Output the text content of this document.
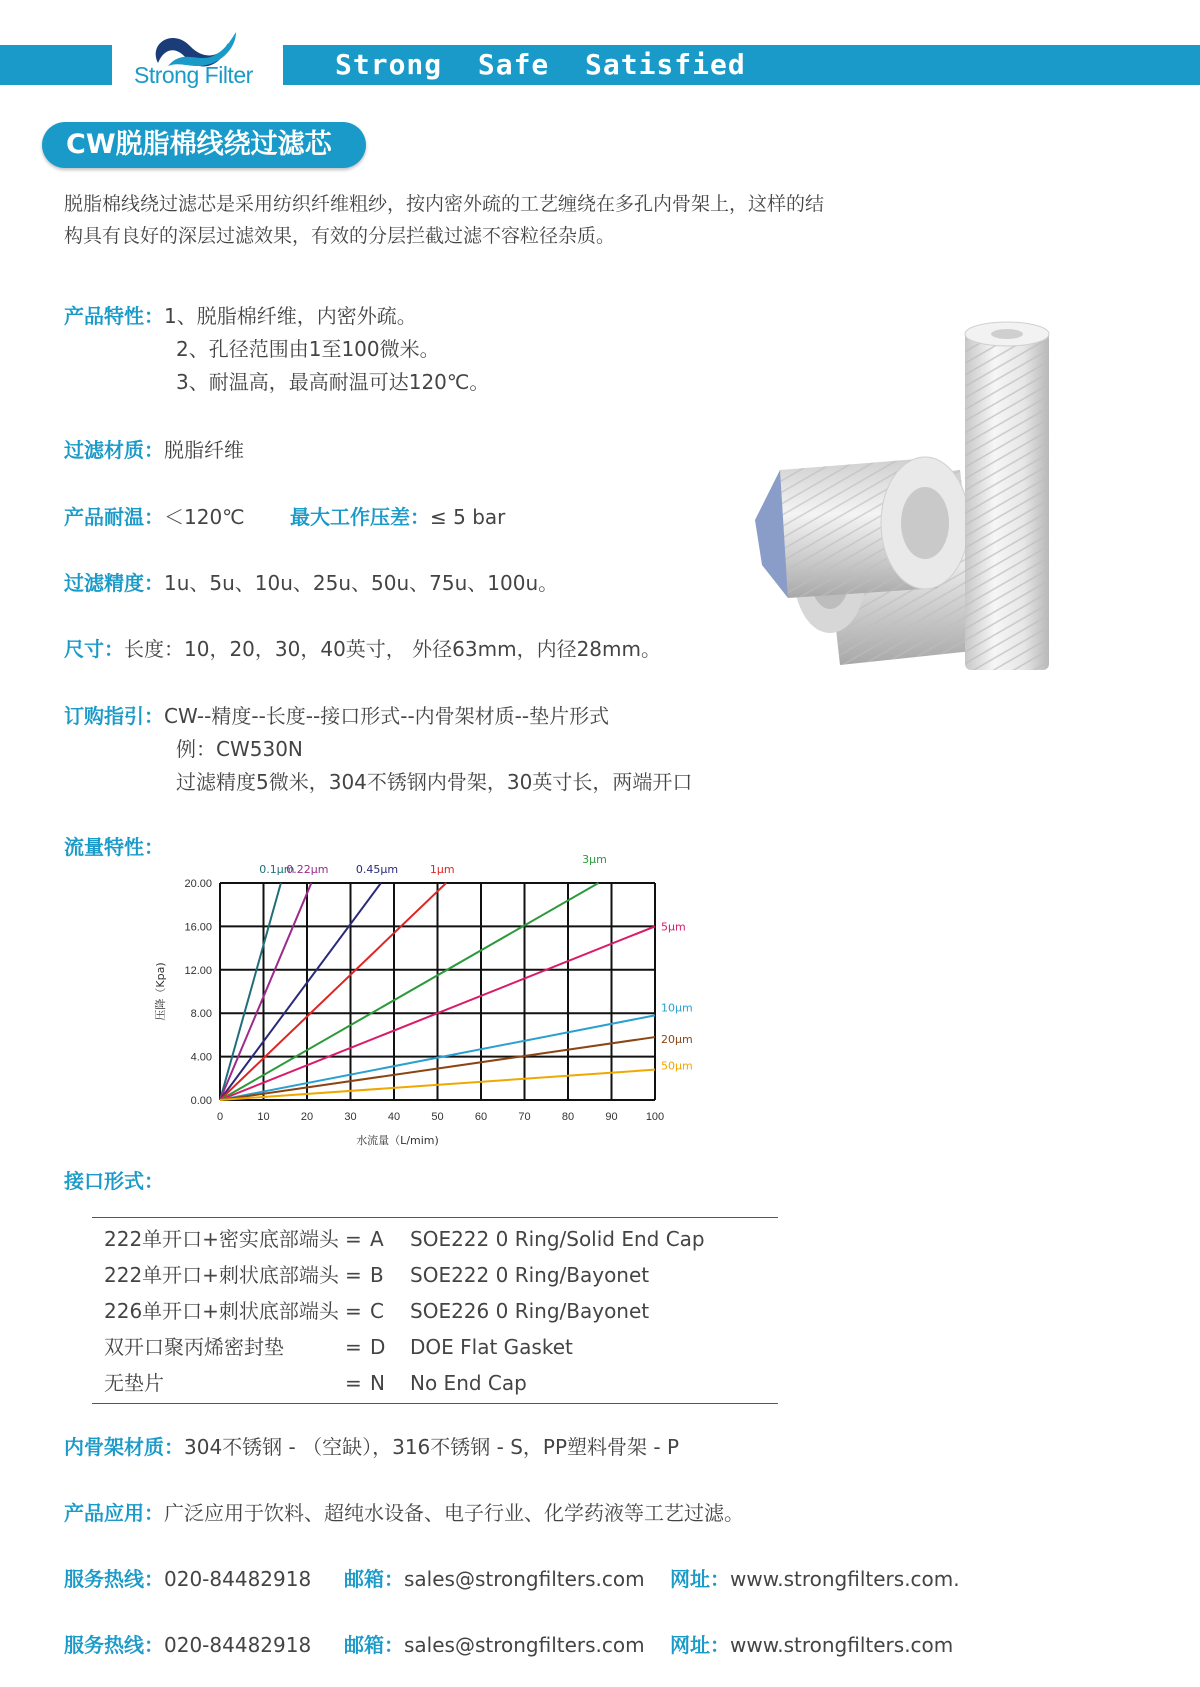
Strong  Safe  Satisfied
Strong Filter
CW脱脂棉线绕过滤芯
脱脂棉线绕过滤芯是采用纺织纤维粗纱，按内密外疏的工艺缠绕在多孔内骨架上，这样的结
构具有良好的深层过滤效果，有效的分层拦截过滤不容粒径杂质。
产品特性：1、脱脂棉纤维，内密外疏。
2、孔径范围由1至100微米。
3、耐温高，最高耐温可达120℃。
过滤材质：脱脂纤维
产品耐温：＜120℃ 最大工作压差：≤ 5 bar
过滤精度：1u、5u、10u、25u、50u、75u、100u。
尺寸：长度：10，20，30，40英寸， 外径63mm，内径28mm。
订购指引：CW--精度--长度--接口形式--内骨架材质--垫片形式
例：CW530N
过滤精度5微米，304不锈钢内骨架，30英寸长，两端开口
流量特性：
0	10	20	30	40	50	60	70	80	90	100
0.00
4.00
8.00
12.00
16.00
20.00
水流量（L/mim)
压降（Kpa)
0.1μm
0.22μm 0.45μm	1μm
3μm
5μm
10μm
20μm
50μm
接口形式：
222单开口+密实底部端头 = A SOE222 0 Ring/Solid End Cap
222单开口+刺状底部端头 = B SOE222 0 Ring/Bayonet
226单开口+刺状底部端头 = C SOE226 0 Ring/Bayonet
双开口聚丙烯密封垫	= D DOE Flat Gasket
无垫片	= N No End Cap
内骨架材质：304不锈钢 - （空缺），316不锈钢 - S，PP塑料骨架 - P
产品应用：广泛应用于饮料、超纯水设备、电子行业、化学药液等工艺过滤。
服务热线：020-84482918 邮箱：sales@strongfilters.com 网址：www.strongfilters.com.
服务热线：020-84482918 邮箱：sales@strongfilters.com 网址：www.strongfilters.com
